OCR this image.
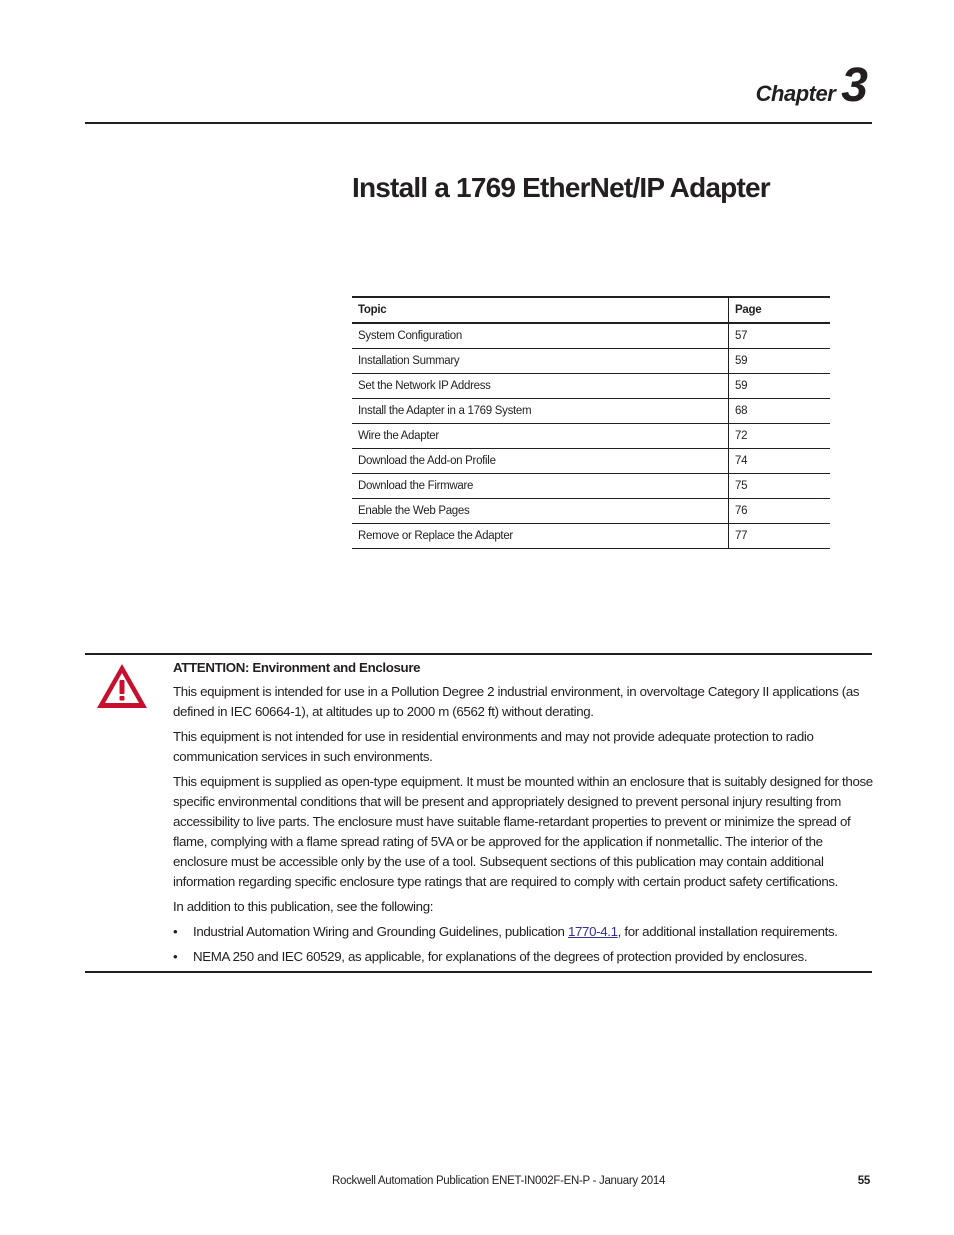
Chapter 3
Install a 1769 EtherNet/IP Adapter
Topic	Page
System Configuration	57
Installation Summary	59
Set the Network IP Address	59
Install the Adapter in a 1769 System	68
Wire the Adapter	72
Download the Add-on Profile	74
Download the Firmware	75
Enable the Web Pages	76
Remove or Replace the Adapter	77
ATTENTION: Environment and Enclosure

This equipment is intended for use in a Pollution Degree 2 industrial environment, in overvoltage Category II applications (as defined in IEC 60664-1), at altitudes up to 2000 m (6562 ft) without derating.

This equipment is not intended for use in residential environments and may not provide adequate protection to radio communication services in such environments.

This equipment is supplied as open-type equipment. It must be mounted within an enclosure that is suitably designed for those specific environmental conditions that will be present and appropriately designed to prevent personal injury resulting from accessibility to live parts. The enclosure must have suitable flame-retardant properties to prevent or minimize the spread of flame, complying with a flame spread rating of 5VA or be approved for the application if nonmetallic. The interior of the enclosure must be accessible only by the use of a tool. Subsequent sections of this publication may contain additional information regarding specific enclosure type ratings that are required to comply with certain product safety certifications.

In addition to this publication, see the following:

• Industrial Automation Wiring and Grounding Guidelines, publication 1770-4.1, for additional installation requirements.
• NEMA 250 and IEC 60529, as applicable, for explanations of the degrees of protection provided by enclosures.
Rockwell Automation Publication ENET-IN002F-EN-P - January 2014	55
